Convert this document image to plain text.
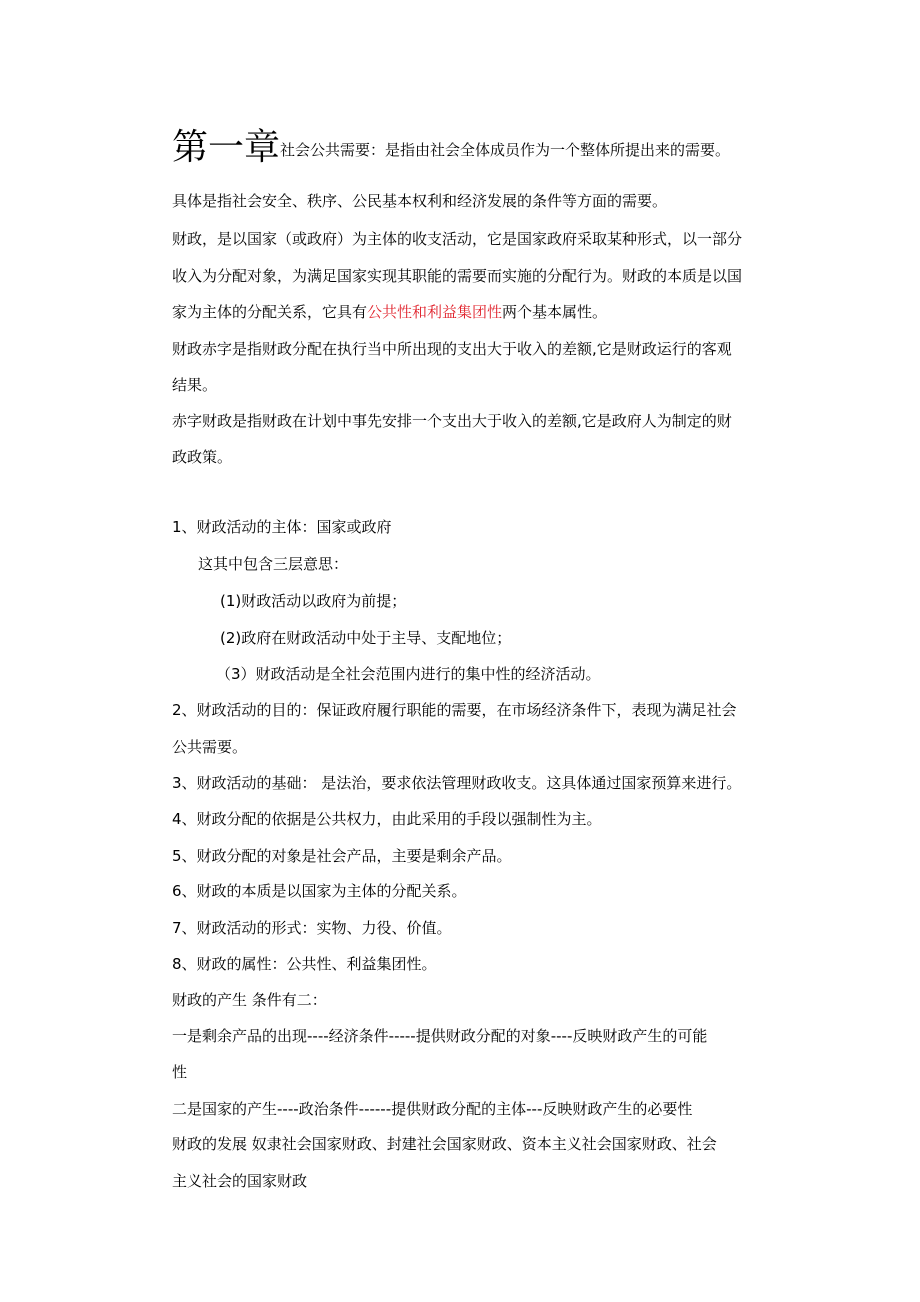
第一章社会公共需要：是指由社会全体成员作为一个整体所提出来的需要。
具体是指社会安全、秩序、公民基本权利和经济发展的条件等方面的需要。
财政，是以国家（或政府）为主体的收支活动，它是国家政府采取某种形式，以一部分
收入为分配对象，为满足国家实现其职能的需要而实施的分配行为。财政的本质是以国
家为主体的分配关系，它具有公共性和利益集团性两个基本属性。
财政赤字是指财政分配在执行当中所出现的支出大于收入的差额,它是财政运行的客观
结果。
赤字财政是指财政在计划中事先安排一个支出大于收入的差额,它是政府人为制定的财
政政策。
1、财政活动的主体：国家或政府
这其中包含三层意思：
(1)财政活动以政府为前提；
(2)政府在财政活动中处于主导、支配地位；
（3）财政活动是全社会范围内进行的集中性的经济活动。
2、财政活动的目的：保证政府履行职能的需要，在市场经济条件下，表现为满足社会
公共需要。
3、财政活动的基础： 是法治，要求依法管理财政收支。这具体通过国家预算来进行。
4、财政分配的依据是公共权力，由此采用的手段以强制性为主。
5、财政分配的对象是社会产品，主要是剩余产品。
6、财政的本质是以国家为主体的分配关系。
7、财政活动的形式：实物、力役、价值。
8、财政的属性：公共性、利益集团性。
财政的产生 条件有二：
一是剩余产品的出现----经济条件-----提供财政分配的对象----反映财政产生的可能
性
二是国家的产生----政治条件------提供财政分配的主体---反映财政产生的必要性
财政的发展 奴隶社会国家财政、封建社会国家财政、资本主义社会国家财政、社会
主义社会的国家财政
